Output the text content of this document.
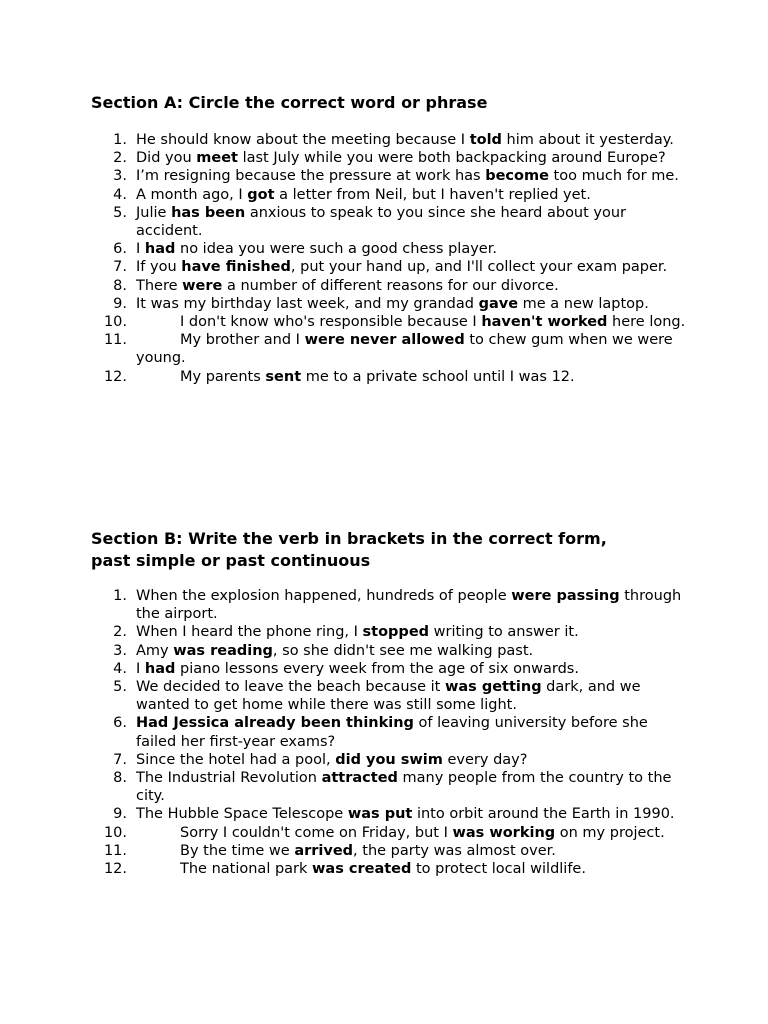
Section A: Circle the correct word or phrase
1. He should know about the meeting because I told him about it yesterday.
2. Did you meet last July while you were both backpacking around Europe?
3. I’m resigning because the pressure at work has become too much for me.
4. A month ago, I got a letter from Neil, but I haven't replied yet.
5. Julie has been anxious to speak to you since she heard about your accident.
6. I had no idea you were such a good chess player.
7. If you have finished, put your hand up, and I'll collect your exam paper.
8. There were a number of different reasons for our divorce.
9. It was my birthday last week, and my grandad gave me a new laptop.
10.	I don't know who's responsible because I haven't worked here long.
11.	My brother and I were never allowed to chew gum when we were young.
12.	My parents sent me to a private school until I was 12.
Section B: Write the verb in brackets in the correct form,
past simple or past continuous
1. When the explosion happened, hundreds of people were passing through the airport.
2. When I heard the phone ring, I stopped writing to answer it.
3. Amy was reading, so she didn't see me walking past.
4. I had piano lessons every week from the age of six onwards.
5. We decided to leave the beach because it was getting dark, and we wanted to get home while there was still some light.
6. Had Jessica already been thinking of leaving university before she failed her first-year exams?
7. Since the hotel had a pool, did you swim every day?
8. The Industrial Revolution attracted many people from the country to the city.
9. The Hubble Space Telescope was put into orbit around the Earth in 1990.
10.	Sorry I couldn't come on Friday, but I was working on my project.
11.	By the time we arrived, the party was almost over.
12.	The national park was created to protect local wildlife.
